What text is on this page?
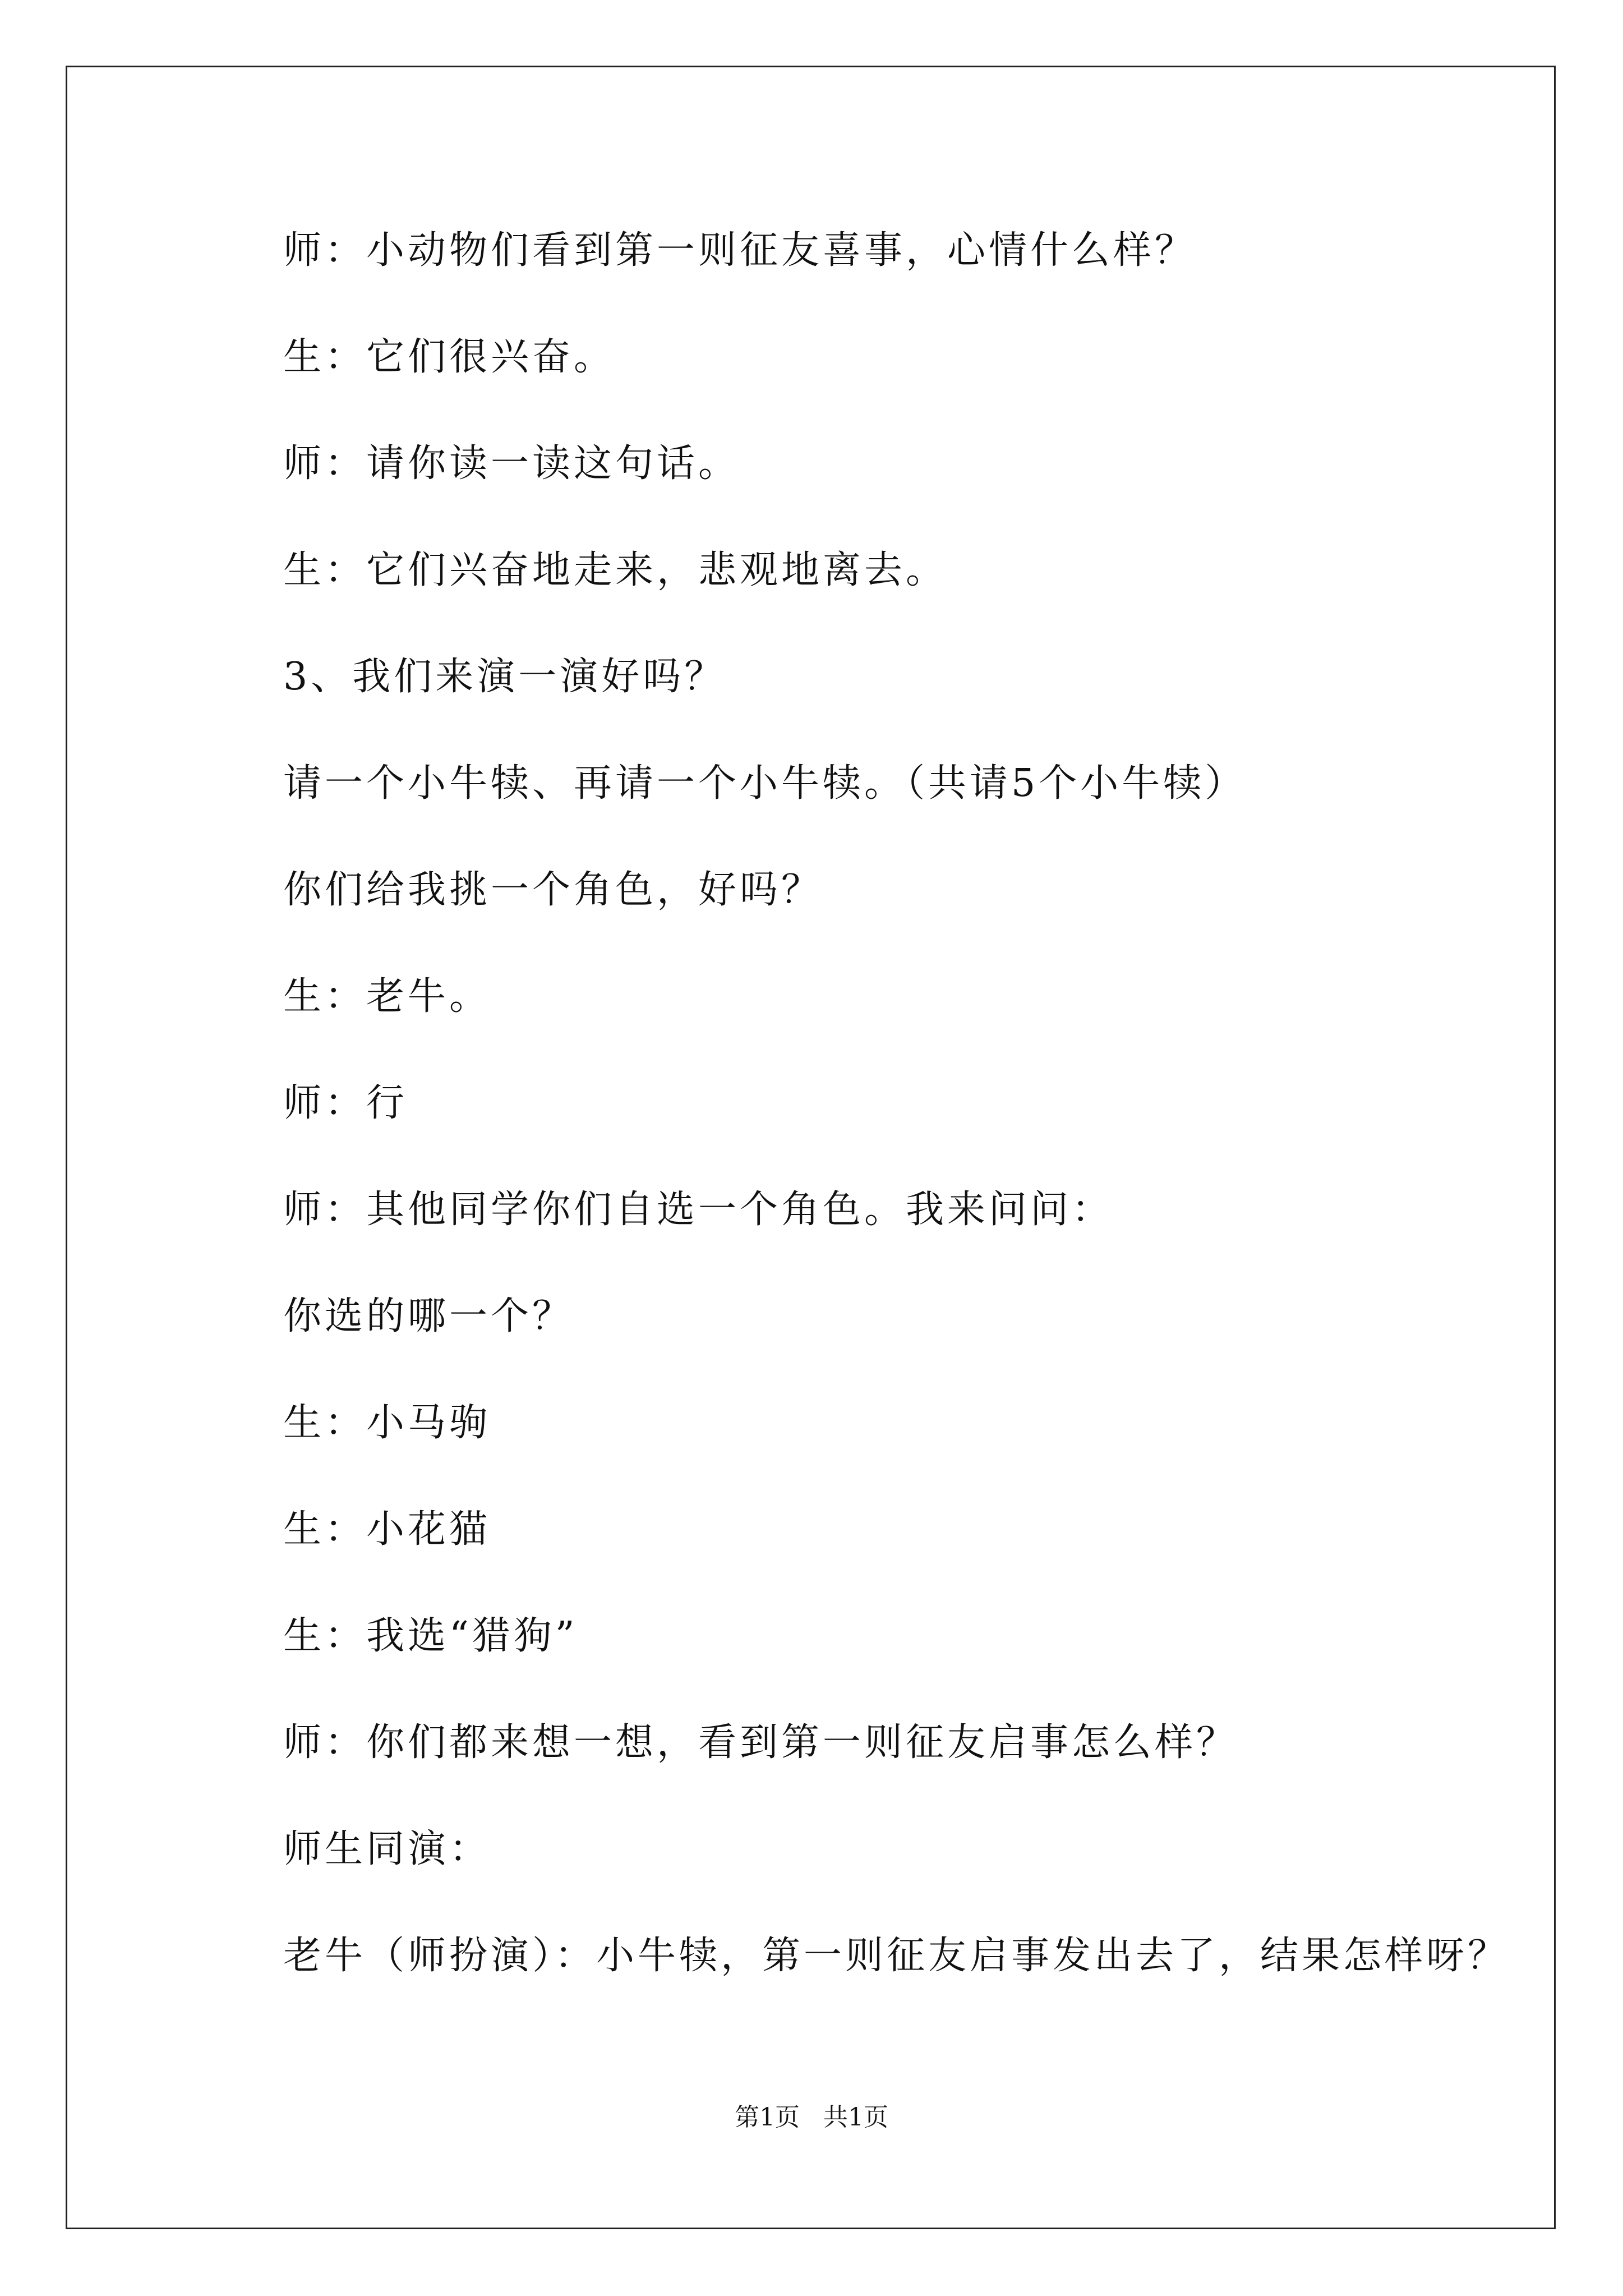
师：小动物们看到第一则征友喜事，心情什么样？
生：它们很兴奋。
师：请你读一读这句话。
生：它们兴奋地走来，悲观地离去。
3、我们来演一演好吗？
请一个小牛犊、再请一个小牛犊。（共请5个小牛犊）
你们给我挑一个角色，好吗？
生：老牛。
师：行
师：其他同学你们自选一个角色。我来问问：
你选的哪一个？
生：小马驹
生：小花猫
生：我选“猎狗”
师：你们都来想一想，看到第一则征友启事怎么样？
师生同演：
老牛（师扮演）：小牛犊，第一则征友启事发出去了，结果怎样呀？
第1页   共1页
